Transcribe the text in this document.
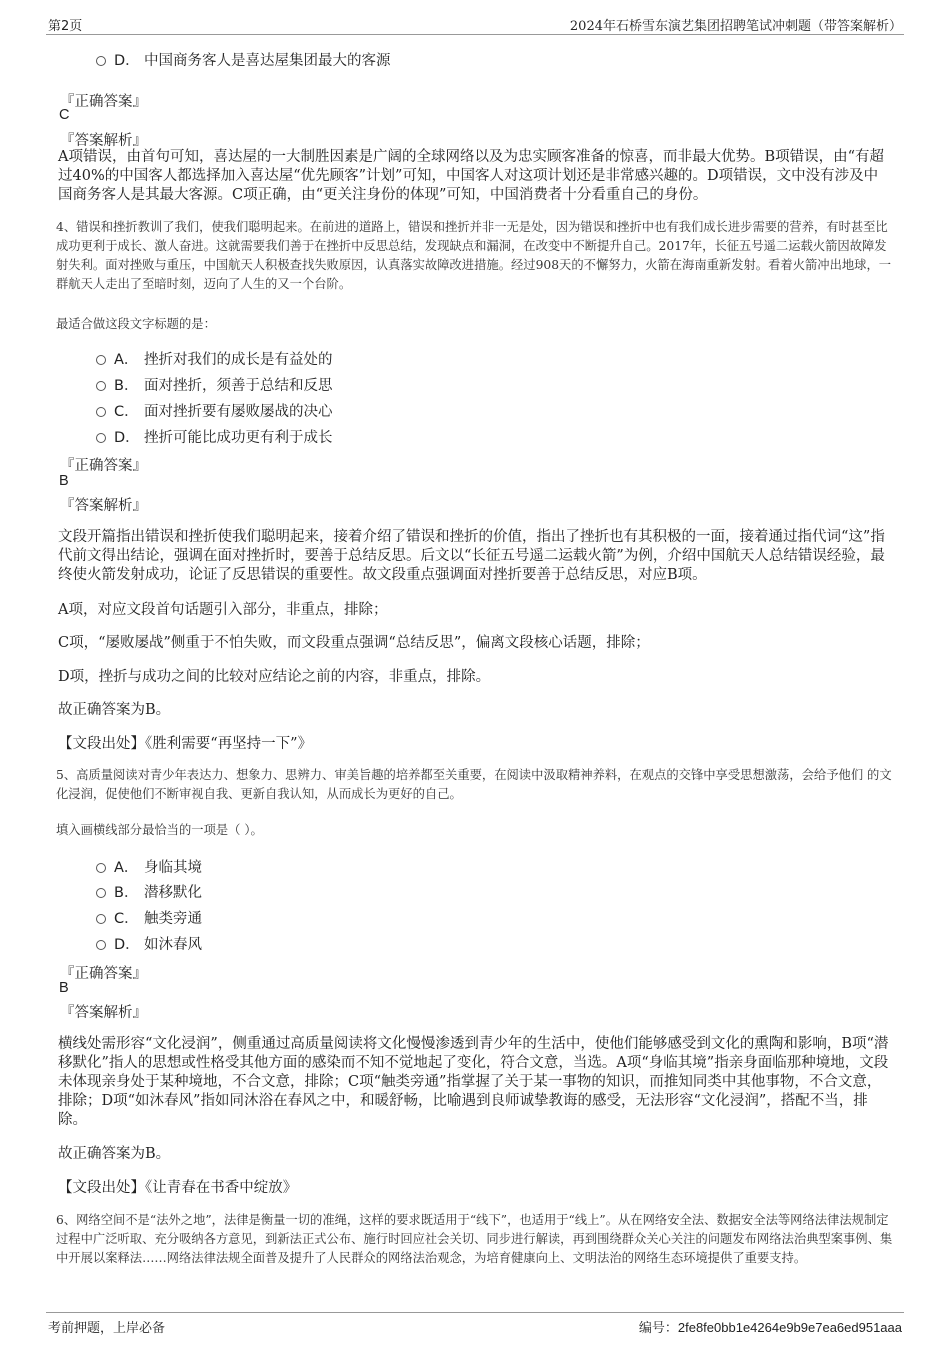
第2页	2024年石桥雪东演艺集团招聘笔试冲刺题（带答案解析）
D． 中国商务客人是喜达屋集团最大的客源
『正确答案』
C
『答案解析』
A项错误，由首句可知，喜达屋的一大制胜因素是广阔的全球网络以及为忠实顾客准备的惊喜，而非最大优势。B项错误，由“有超过40%的中国客人都选择加入喜达屋“优先顾客”计划”可知，中国客人对这项计划还是非常感兴趣的。D项错误，文中没有涉及中国商务客人是其最大客源。C项正确，由“更关注身份的体现”可知，中国消费者十分看重自己的身份。
4、错误和挫折教训了我们，使我们聪明起来。在前进的道路上，错误和挫折并非一无是处，因为错误和挫折中也有我们成长进步需要的营养，有时甚至比成功更利于成长、激人奋进。这就需要我们善于在挫折中反思总结，发现缺点和漏洞，在改变中不断提升自己。2017年，长征五号遥二运载火箭因故障发射失利。面对挫败与重压，中国航天人积极查找失败原因，认真落实故障改进措施。经过908天的不懈努力，火箭在海南重新发射。看着火箭冲出地球，一群航天人走出了至暗时刻，迈向了人生的又一个台阶。
最适合做这段文字标题的是：
A． 挫折对我们的成长是有益处的
B． 面对挫折，须善于总结和反思
C． 面对挫折要有屡败屡战的决心
D． 挫折可能比成功更有利于成长
『正确答案』
B
『答案解析』
文段开篇指出错误和挫折使我们聪明起来，接着介绍了错误和挫折的价值，指出了挫折也有其积极的一面，接着通过指代词“这”指代前文得出结论，强调在面对挫折时，要善于总结反思。后文以“长征五号遥二运载火箭”为例，介绍中国航天人总结错误经验，最终使火箭发射成功，论证了反思错误的重要性。故文段重点强调面对挫折要善于总结反思，对应B项。
A项，对应文段首句话题引入部分，非重点，排除；
C项，“屡败屡战”侧重于不怕失败，而文段重点强调“总结反思”，偏离文段核心话题，排除；
D项，挫折与成功之间的比较对应结论之前的内容，非重点，排除。
故正确答案为B。
【文段出处】《胜利需要“再坚持一下”》
5、高质量阅读对青少年表达力、想象力、思辨力、审美旨趣的培养都至关重要，在阅读中汲取精神养料，在观点的交锋中享受思想激荡，会给予他们 的文化浸润，促使他们不断审视自我、更新自我认知，从而成长为更好的自己。
填入画横线部分最恰当的一项是（ ）。
A． 身临其境
B． 潜移默化
C． 触类旁通
D． 如沐春风
『正确答案』
B
『答案解析』
横线处需形容“文化浸润”，侧重通过高质量阅读将文化慢慢渗透到青少年的生活中，使他们能够感受到文化的熏陶和影响，B项“潜移默化”指人的思想或性格受其他方面的感染而不知不觉地起了变化，符合文意，当选。A项“身临其境”指亲身面临那种境地，文段未体现亲身处于某种境地，不合文意，排除；C项“触类旁通”指掌握了关于某一事物的知识，而推知同类中其他事物，不合文意，排除；D项“如沐春风”指如同沐浴在春风之中，和暖舒畅，比喻遇到良师诚挚教诲的感受，无法形容“文化浸润”，搭配不当，排除。
故正确答案为B。
【文段出处】《让青春在书香中绽放》
6、网络空间不是“法外之地”，法律是衡量一切的准绳，这样的要求既适用于“线下”，也适用于“线上”。从在网络安全法、数据安全法等网络法律法规制定过程中广泛听取、充分吸纳各方意见，到新法正式公布、施行时回应社会关切、同步进行解读，再到围绕群众关心关注的问题发布网络法治典型案事例、集中开展以案释法……网络法律法规全面普及提升了人民群众的网络法治观念，为培育健康向上、文明法治的网络生态环境提供了重要支持。
考前押题，上岸必备	编号：2fe8fe0bb1e4264e9b9e7ea6ed951aaa
